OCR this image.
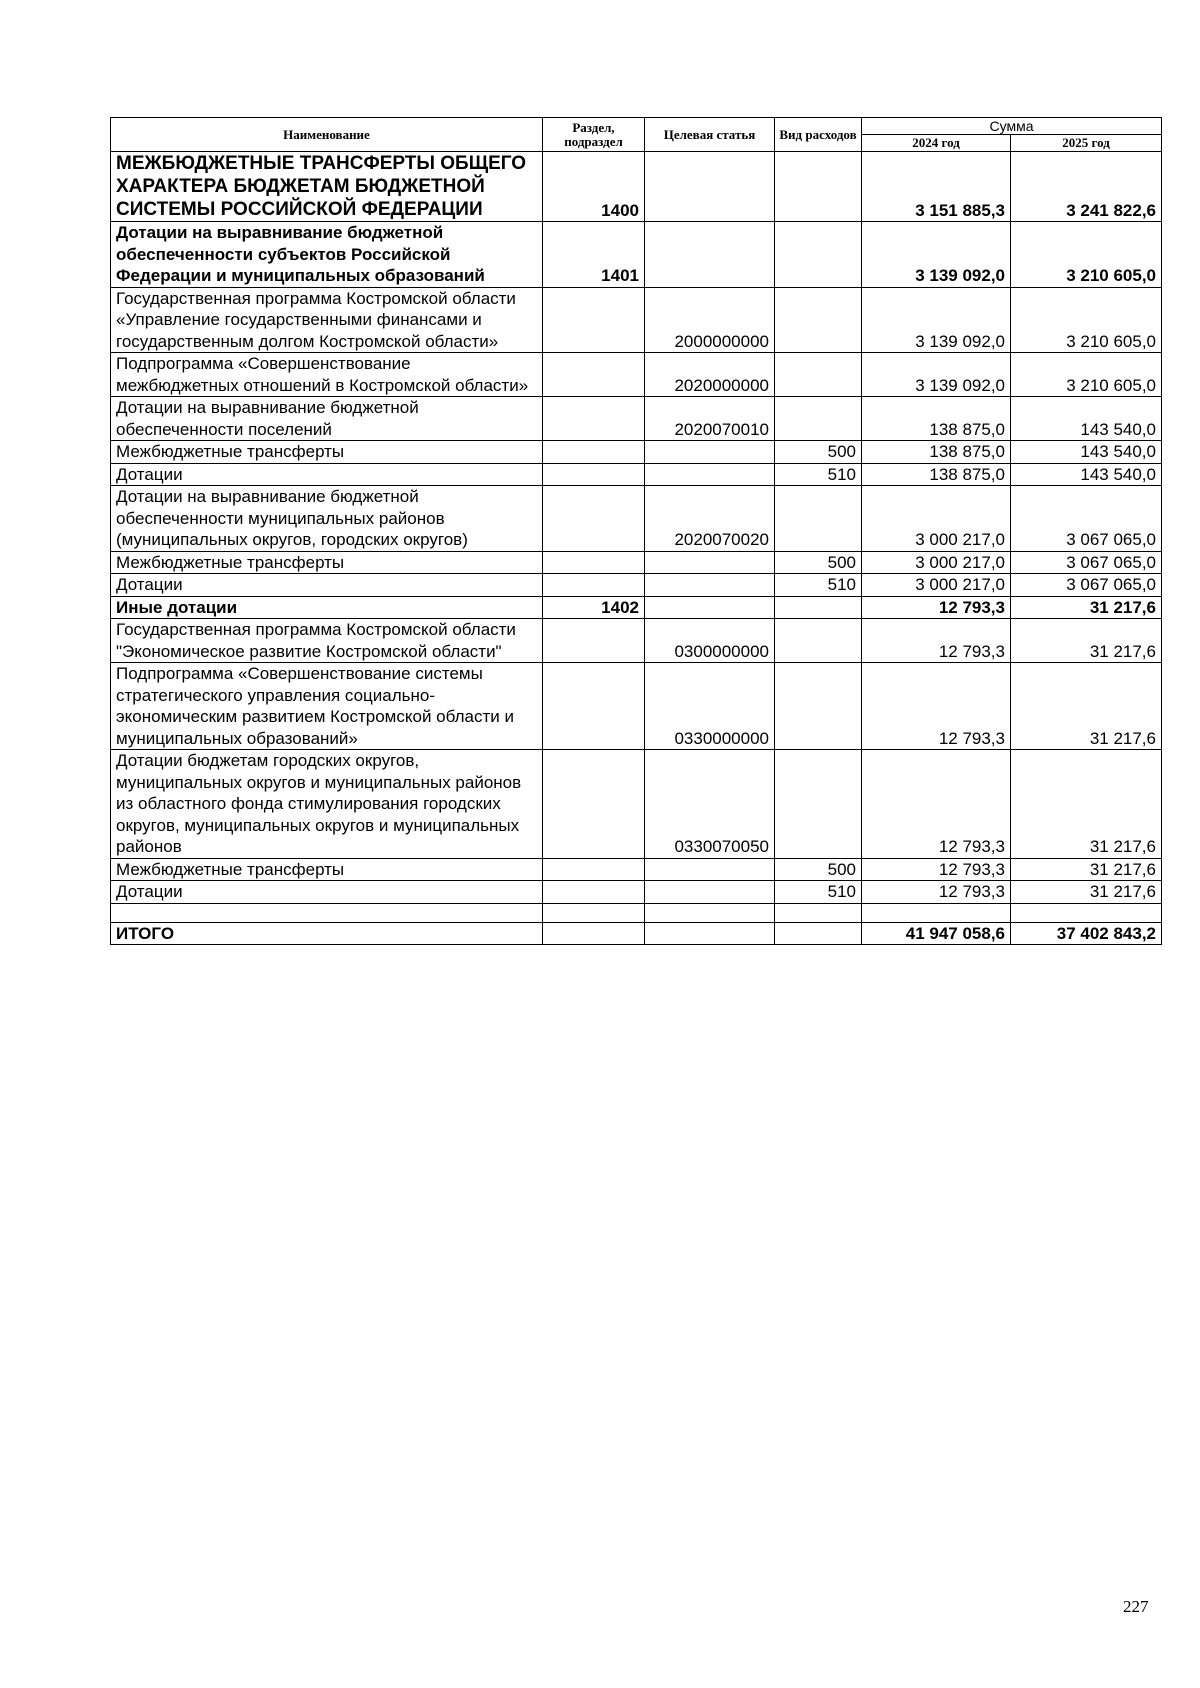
Наименование	Раздел, подраздел	Целевая статья	Вид расходов	Сумма	
				2024 год	2025 год
МЕЖБЮДЖЕТНЫЕ ТРАНСФЕРТЫ ОБЩЕГО ХАРАКТЕРА БЮДЖЕТАМ БЮДЖЕТНОЙ СИСТЕМЫ РОССИЙСКОЙ ФЕДЕРАЦИИ	1400			3 151 885,3	3 241 822,6
Дотации на выравнивание бюджетной обеспеченности субъектов Российской Федерации и муниципальных образований	1401			3 139 092,0	3 210 605,0
Государственная программа Костромской области «Управление государственными финансами и государственным долгом Костромской области»		2000000000		3 139 092,0	3 210 605,0
Подпрограмма «Совершенствование межбюджетных отношений в Костромской области»		2020000000		3 139 092,0	3 210 605,0
Дотации на выравнивание бюджетной обеспеченности поселений		2020070010		138 875,0	143 540,0
Межбюджетные трансферты			500	138 875,0	143 540,0
Дотации			510	138 875,0	143 540,0
Дотации на выравнивание бюджетной обеспеченности муниципальных районов (муниципальных округов, городских округов)		2020070020		3 000 217,0	3 067 065,0
Межбюджетные трансферты			500	3 000 217,0	3 067 065,0
Дотации			510	3 000 217,0	3 067 065,0
Иные дотации	1402			12 793,3	31 217,6
Государственная программа Костромской области "Экономическое развитие Костромской области"		0300000000		12 793,3	31 217,6
Подпрограмма «Совершенствование системы стратегического управления социально-экономическим развитием Костромской области и муниципальных образований»		0330000000		12 793,3	31 217,6
Дотации бюджетам городских округов, муниципальных округов и муниципальных районов из областного фонда стимулирования городских округов, муниципальных округов и муниципальных районов		0330070050		12 793,3	31 217,6
Межбюджетные трансферты			500	12 793,3	31 217,6
Дотации			510	12 793,3	31 217,6

ИТОГО				41 947 058,6	37 402 843,2
227
